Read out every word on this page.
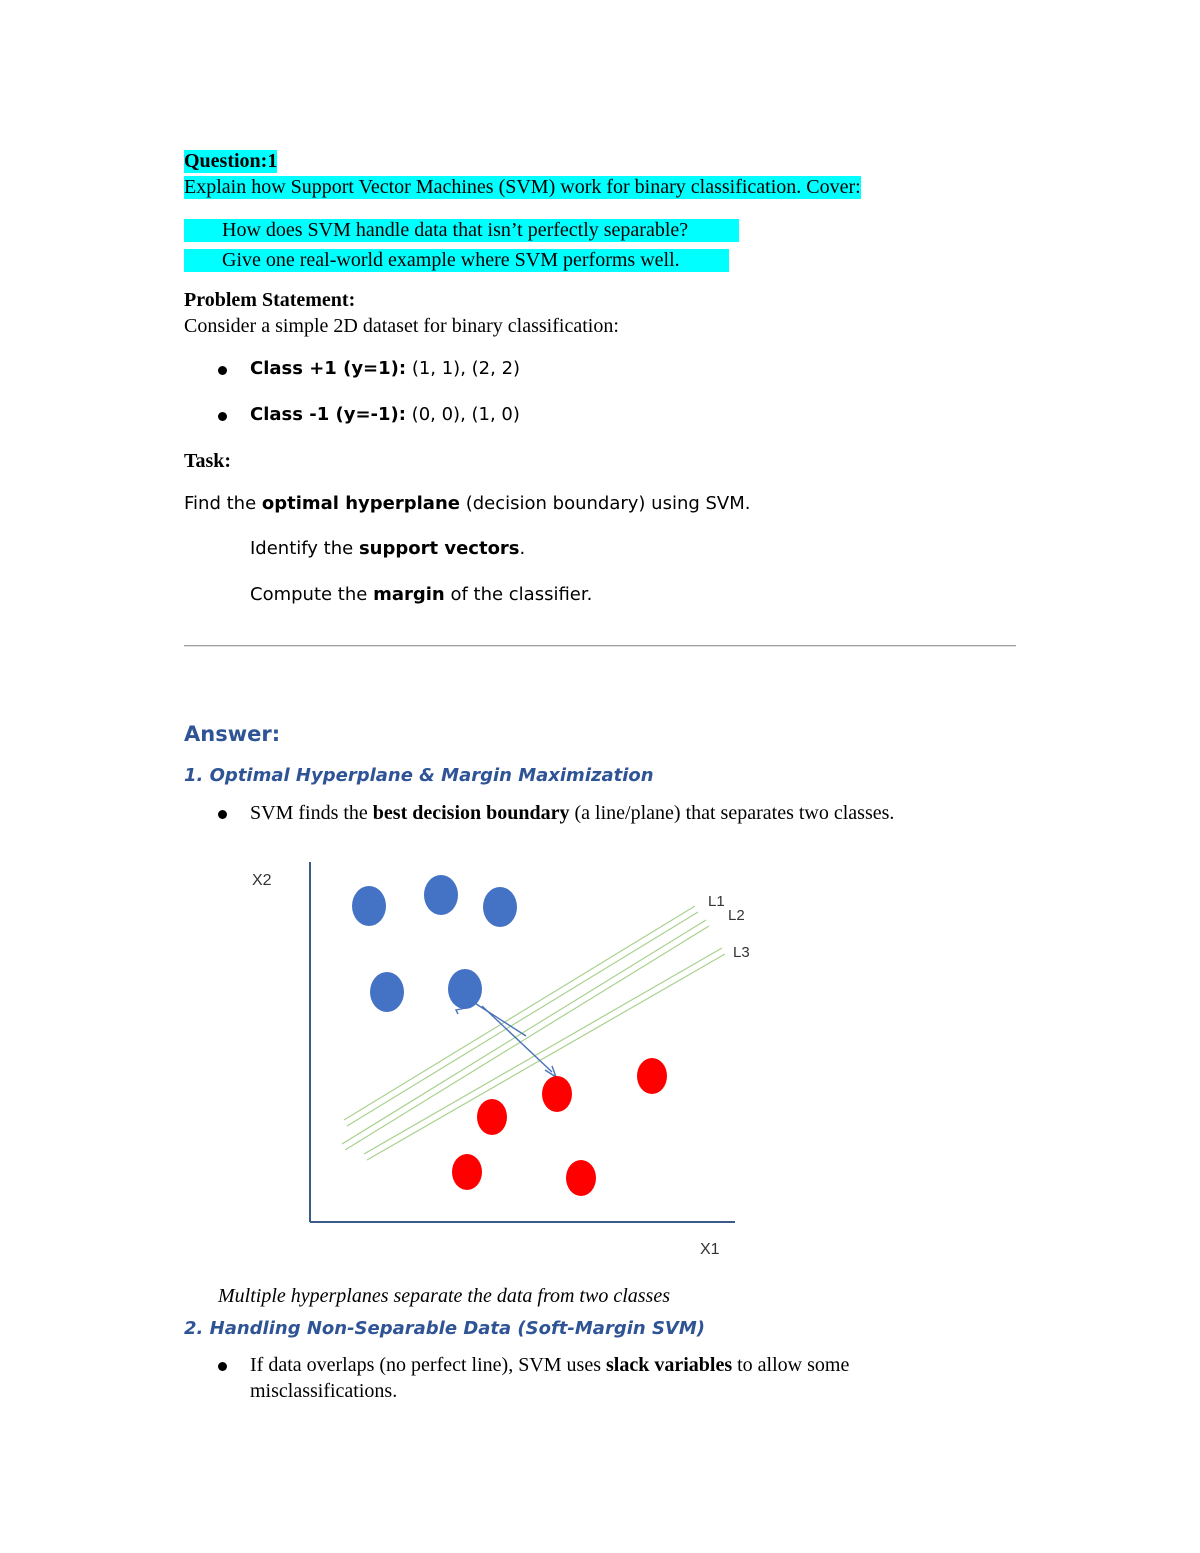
Question:1
Explain how Support Vector Machines (SVM) work for binary classification. Cover:
How does SVM handle data that isn’t perfectly separable?
Give one real-world example where SVM performs well.
Problem Statement:
Consider a simple 2D dataset for binary classification:
Class +1 (y=1): (1, 1), (2, 2)
Class -1 (y=-1): (0, 0), (1, 0)
Task:
Find the optimal hyperplane (decision boundary) using SVM.
Identify the support vectors.
Compute the margin of the classifier.
Answer:
1. Optimal Hyperplane & Margin Maximization
SVM finds the best decision boundary (a line/plane) that separates two classes.
X2
X1
L1
L2
L3
Multiple hyperplanes separate the data from two classes
2. Handling Non-Separable Data (Soft-Margin SVM)
If data overlaps (no perfect line), SVM uses slack variables to allow some
misclassifications.
